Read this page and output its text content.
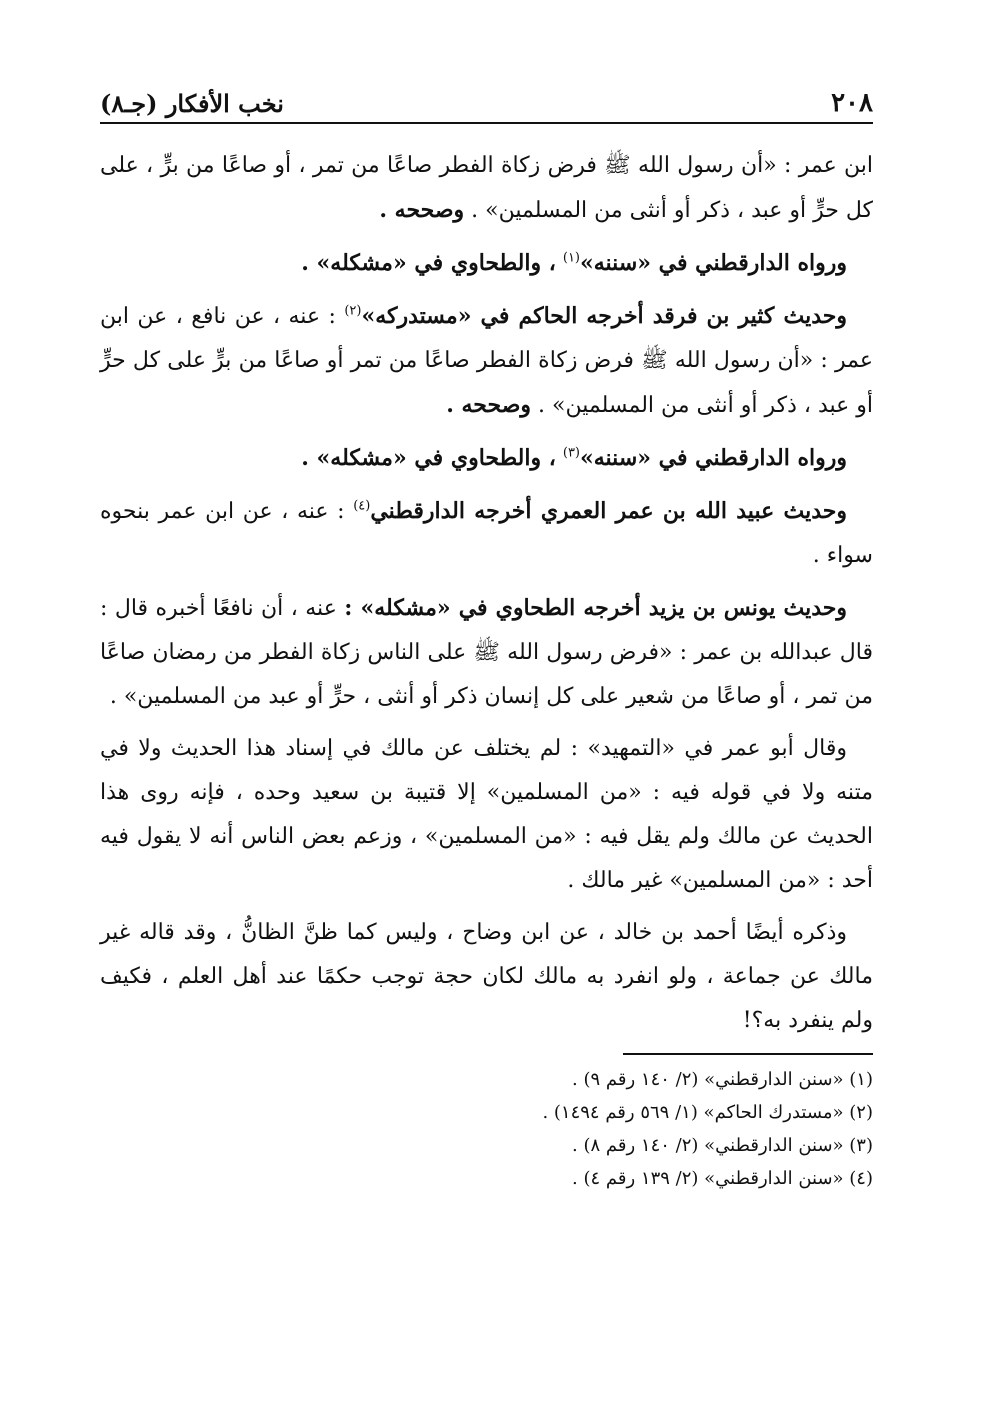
٢٠٨
نخب الأفكار (جـ٨)

ابن عمر : «أن رسول الله ﷺ فرض زكاة الفطر صاعًا من تمر ، أو صاعًا من برٍّ ، على كل حرٍّ أو عبد ، ذكر أو أنثى من المسلمين» . وصححه .

ورواه الدارقطني في «سننه»$^{(١)}$ ، والطحاوي في «مشكله» .

وحديث كثير بن فرقد أخرجه الحاكم في «مستدركه»$^{(٢)}$ : عنه ، عن نافع ، عن ابن عمر : «أن رسول الله ﷺ فرض زكاة الفطر صاعًا من تمر أو صاعًا من برٍّ على كل حرٍّ أو عبد ، ذكر أو أنثى من المسلمين» . وصححه .

ورواه الدارقطني في «سننه»$^{(٣)}$ ، والطحاوي في «مشكله» .

وحديث عبيد الله بن عمر العمري أخرجه الدارقطني$^{(٤)}$ : عنه ، عن ابن عمر بنحوه سواء .

وحديث يونس بن يزيد أخرجه الطحاوي في «مشكله» : عنه ، أن نافعًا أخبره قال : قال عبدالله بن عمر : «فرض رسول الله ﷺ على الناس زكاة الفطر من رمضان صاعًا من تمر ، أو صاعًا من شعير على كل إنسان ذكر أو أنثى ، حرٍّ أو عبد من المسلمين» .

وقال أبو عمر في «التمهيد» : لم يختلف عن مالك في إسناد هذا الحديث ولا في متنه ولا في قوله فيه : «من المسلمين» إلا قتيبة بن سعيد وحده ، فإنه روى هذا الحديث عن مالك ولم يقل فيه : «من المسلمين» ، وزعم بعض الناس أنه لا يقول فيه أحد : «من المسلمين» غير مالك .

وذكره أيضًا أحمد بن خالد ، عن ابن وضاح ، وليس كما ظنَّ الظانُّ ، وقد قاله غير مالك عن جماعة ، ولو انفرد به مالك لكان حجة توجب حكمًا عند أهل العلم ، فكيف ولم ينفرد به؟!

(١) «سنن الدارقطني» (٢/ ١٤٠ رقم ٩) .

(٢) «مستدرك الحاكم» (١/ ٥٦٩ رقم ١٤٩٤) .

(٣) «سنن الدارقطني» (٢/ ١٤٠ رقم ٨) .

(٤) «سنن الدارقطني» (٢/ ١٣٩ رقم ٤) .
